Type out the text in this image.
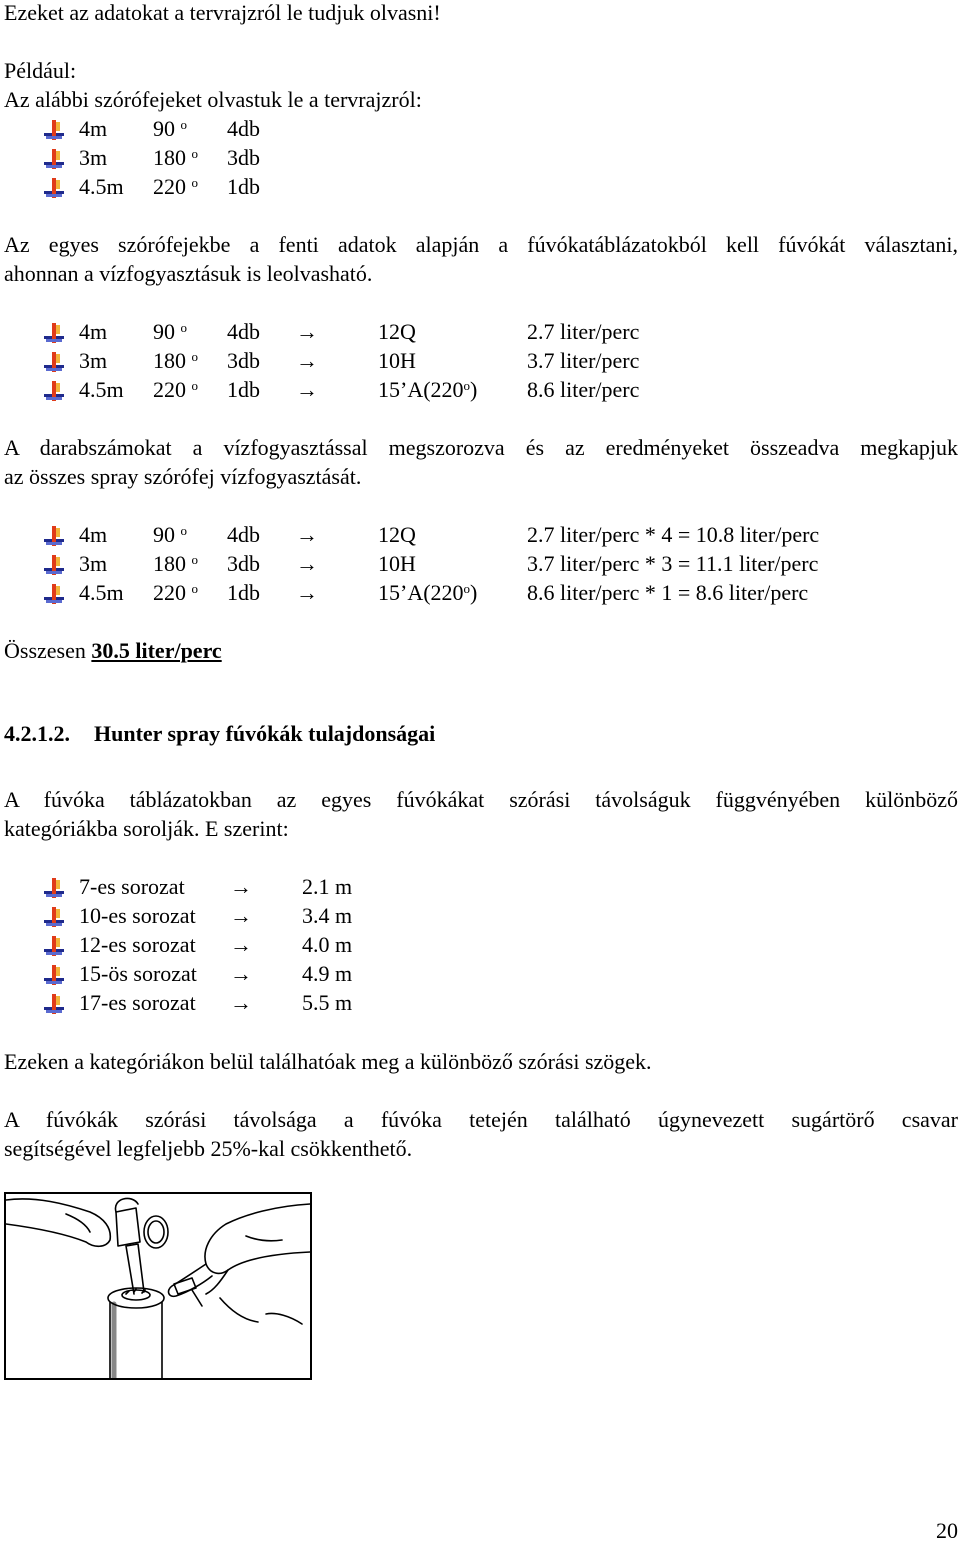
Ezeket az adatokat a tervrajzról le tudjuk olvasni!
Például:
Az alábbi szórófejeket olvastuk le a tervrajzról:
4m 90 $^o$ 4db
3m 180 $^o$ 3db
4.5m 220 $^o$ 1db
Az egyes szórófejekbe a fenti adatok alapján a fúvókatáblázatokból kell fúvókát választani,
ahonnan a vízfogyasztásuk is leolvasható.
4m 90 $^o$ 4db →	12Q	2.7 liter/perc
3m 180 $^o$ 3db →	10H	3.7 liter/perc
4.5m 220 $^o$ 1db →	$15’A(220^o)$ 8.6 liter/perc
A darabszámokat a vízfogyasztással megszorozva és az eredményeket összeadva megkapjuk
az összes spray szórófej vízfogyasztását.
4m 90 $^o$ 4db →	12Q	2.7 liter/perc * 4 = 10.8 liter/perc
3m 180 $^o$ 3db →	10H	3.7 liter/perc * 3 = 11.1 liter/perc
4.5m 220 $^o$ 1db →	$15’A(220^o)$ 8.6 liter/perc * 1 = 8.6 liter/perc
Összesen 30.5 liter/perc
4.2.1.2. Hunter spray fúvókák tulajdonságai
A fúvóka táblázatokban az egyes fúvókákat szórási távolságuk függvényében különböző
kategóriákba sorolják. E szerint:
7-es sorozat → 2.1 m
10-es sorozat → 3.4 m
12-es sorozat → 4.0 m
15-ös sorozat → 4.9 m
17-es sorozat → 5.5 m
Ezeken a kategóriákon belül találhatóak meg a különböző szórási szögek.
A fúvókák szórási távolsága a fúvóka tetején található úgynevezett sugártörő csavar
segítségével legfeljebb 25%-kal csökkenthető.
20
